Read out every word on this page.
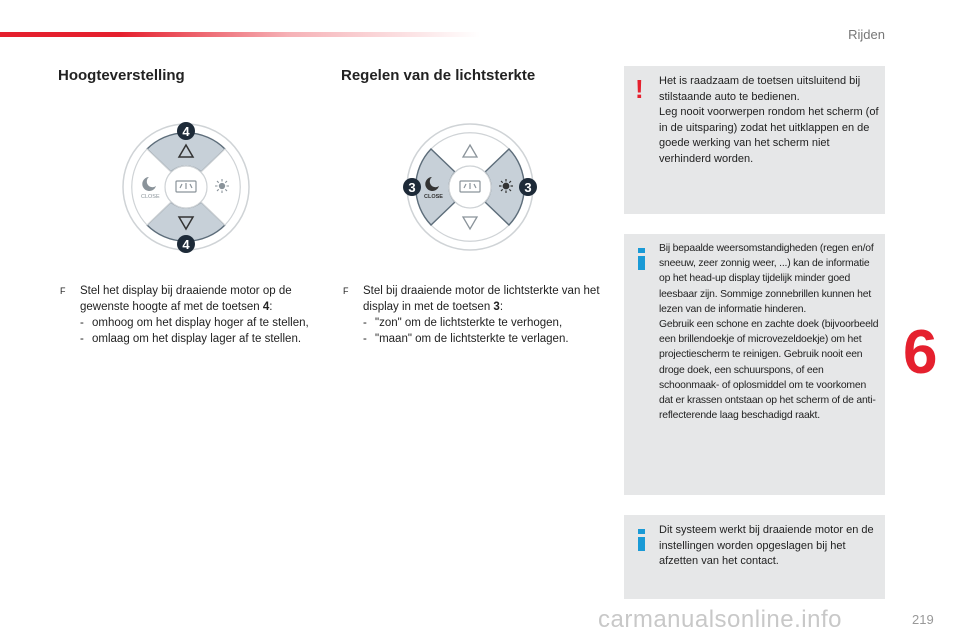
Rijden
6
Hoogteverstelling
CLOSE
4
4
F Stel het display bij draaiende motor op de gewenste hoogte af met de toetsen 4:
- omhoog om het display hoger af te stellen,
- omlaag om het display lager af te stellen.
Regelen van de lichtsterkte
CLOSE
3	3
F Stel bij draaiende motor de lichtsterkte van het display in met de toetsen 3:
- "zon" om de lichtsterkte te verhogen,
- "maan" om de lichtsterkte te verlagen.
! Het is raadzaam de toetsen uitsluitend bij stilstaande auto te bedienen.
Leg nooit voorwerpen rondom het scherm (of in de uitsparing) zodat het uitklappen en de goede werking van het scherm niet verhinderd worden.
Bij bepaalde weersomstandigheden (regen en/of sneeuw, zeer zonnig weer, ...) kan de informatie op het head-up display tijdelijk minder goed leesbaar zijn. Sommige zonnebrillen kunnen het lezen van de informatie hinderen.
Gebruik een schone en zachte doek (bijvoorbeeld een brillendoekje of microvezeldoekje) om het projectiescherm te reinigen. Gebruik nooit een droge doek, een schuurspons, of een schoonmaak- of oplosmiddel om te voorkomen dat er krassen ontstaan op het scherm of de anti-reflecterende laag beschadigd raakt.
Dit systeem werkt bij draaiende motor en de instellingen worden opgeslagen bij het afzetten van het contact.
carmanualsonline.info	219
